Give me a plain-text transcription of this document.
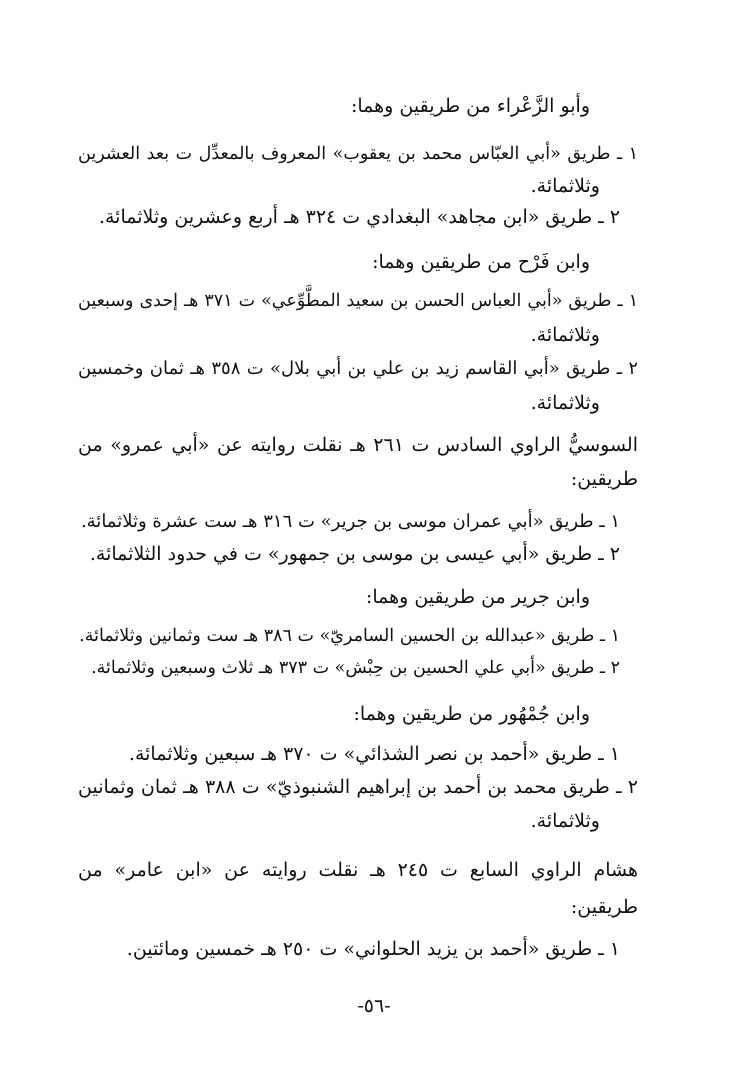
وأبو الزَّعْراء من طريقين وهما:
١ ـ طريق «أبي العبّاس محمد بن يعقوب» المعروف بالمعدِّل ت بعد العشرين
وثلاثمائة.
٢ ـ طريق «ابن مجاهد» البغدادي ت ٣٢٤ هـ أربع وعشرين وثلاثمائة.
وابن فَرْح من طريقين وهما:
١ ـ طريق «أبي العباس الحسن بن سعيد المطَّوِّعي» ت ٣٧١ هـ إحدى وسبعين
وثلاثمائة.
٢ ـ طريق «أبي القاسم زيد بن علي بن أبي بلال» ت ٣٥٨ هـ ثمان وخمسين
وثلاثمائة.
السوسيُّ الراوي السادس ت ٢٦١ هـ نقلت روايته عن «أبي عمرو» من
طريقين:
١ ـ طريق «أبي عمران موسى بن جرير» ت ٣١٦ هـ ست عشرة وثلاثمائة.
٢ ـ طريق «أبي عيسى بن موسى بن جمهور» ت في حدود الثلاثمائة.
وابن جرير من طريقين وهما:
١ ـ طريق «عبدالله بن الحسين السامريّ» ت ٣٨٦ هـ ست وثمانين وثلاثمائة.
٢ ـ طريق «أبي علي الحسين بن حِبْش» ت ٣٧٣ هـ ثلاث وسبعين وثلاثمائة.
وابن جُمْهُور من طريقين وهما:
١ ـ طريق «أحمد بن نصر الشذائي» ت ٣٧٠ هـ سبعين وثلاثمائة.
٢ ـ طريق محمد بن أحمد بن إبراهيم الشنبوذيّ» ت ٣٨٨ هـ ثمان وثمانين
وثلاثمائة.
هشام الراوي السابع ت ٢٤٥ هـ نقلت روايته عن «ابن عامر» من
طريقين:
١ ـ طريق «أحمد بن يزيد الحلواني» ت ٢٥٠ هـ خمسين ومائتين.
-٥٦-
